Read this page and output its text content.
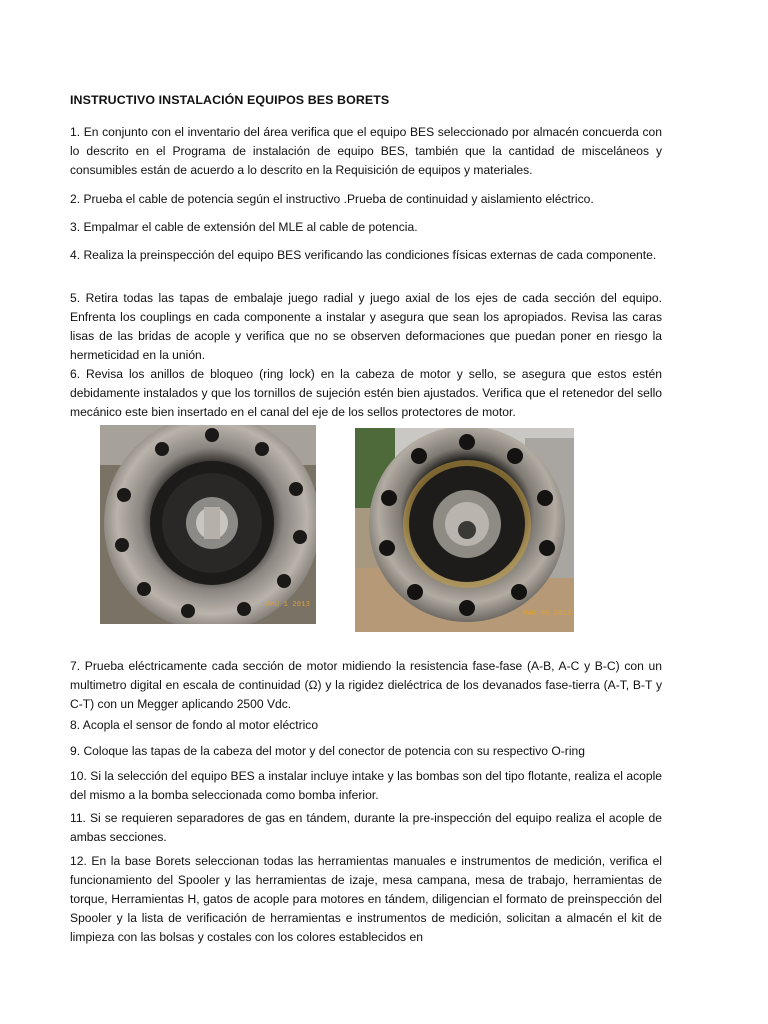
INSTRUCTIVO INSTALACIÓN EQUIPOS BES BORETS

1. En conjunto con el inventario del área verifica que el equipo BES seleccionado por almacén concuerda con lo descrito en el Programa de instalación de equipo BES, también que la cantidad de misceláneos y consumibles están de acuerdo a lo descrito en la Requisición de equipos y materiales.

2. Prueba el cable de potencia según el instructivo .Prueba de continuidad y aislamiento eléctrico.

3. Empalmar el cable de extensión del MLE al cable de potencia.

4. Realiza la preinspección del equipo BES verificando las condiciones físicas externas de cada componente.

5. Retira todas las tapas de embalaje juego radial y juego axial de los ejes de cada sección del equipo. Enfrenta los couplings en cada componente a instalar y asegura que sean los apropiados. Revisa las caras lisas de las bridas de acople y verifica que no se observen deformaciones que puedan poner en riesgo la hermeticidad en la unión.

6. Revisa los anillos de bloqueo (ring lock) en la cabeza de motor y sello, se asegura que estos estén debidamente instalados y que los tornillos de sujeción estén bien ajustados. Verifica que el retenedor del sello mecánico este bien insertado en el canal del eje de los sellos protectores de motor.

AMU 1 2013
MAR 06 2013

7. Prueba eléctricamente cada sección de motor midiendo la resistencia fase-fase (A-B, A-C y B-C) con un multimetro digital en escala de continuidad (Ω) y la rigidez dieléctrica de los devanados fase-tierra (A-T, B-T y C-T) con un Megger aplicando 2500 Vdc.

8. Acopla el sensor de fondo al motor eléctrico

9. Coloque las tapas de la cabeza del motor y del conector de potencia con su respectivo O-ring

10. Si la selección del equipo BES a instalar incluye intake y las bombas son del tipo flotante, realiza el acople del mismo a la bomba seleccionada como bomba inferior.

11. Si se requieren separadores de gas en tándem, durante la pre-inspección del equipo realiza el acople de ambas secciones.

12. En la base Borets seleccionan todas las herramientas manuales e instrumentos de medición, verifica el funcionamiento del Spooler y las herramientas de izaje, mesa campana, mesa de trabajo, herramientas de torque, Herramientas H, gatos de acople para motores en tándem, diligencian el formato de preinspección del Spooler y la lista de verificación de herramientas e instrumentos de medición, solicitan a almacén el kit de limpieza con las bolsas y costales con los colores establecidos en
